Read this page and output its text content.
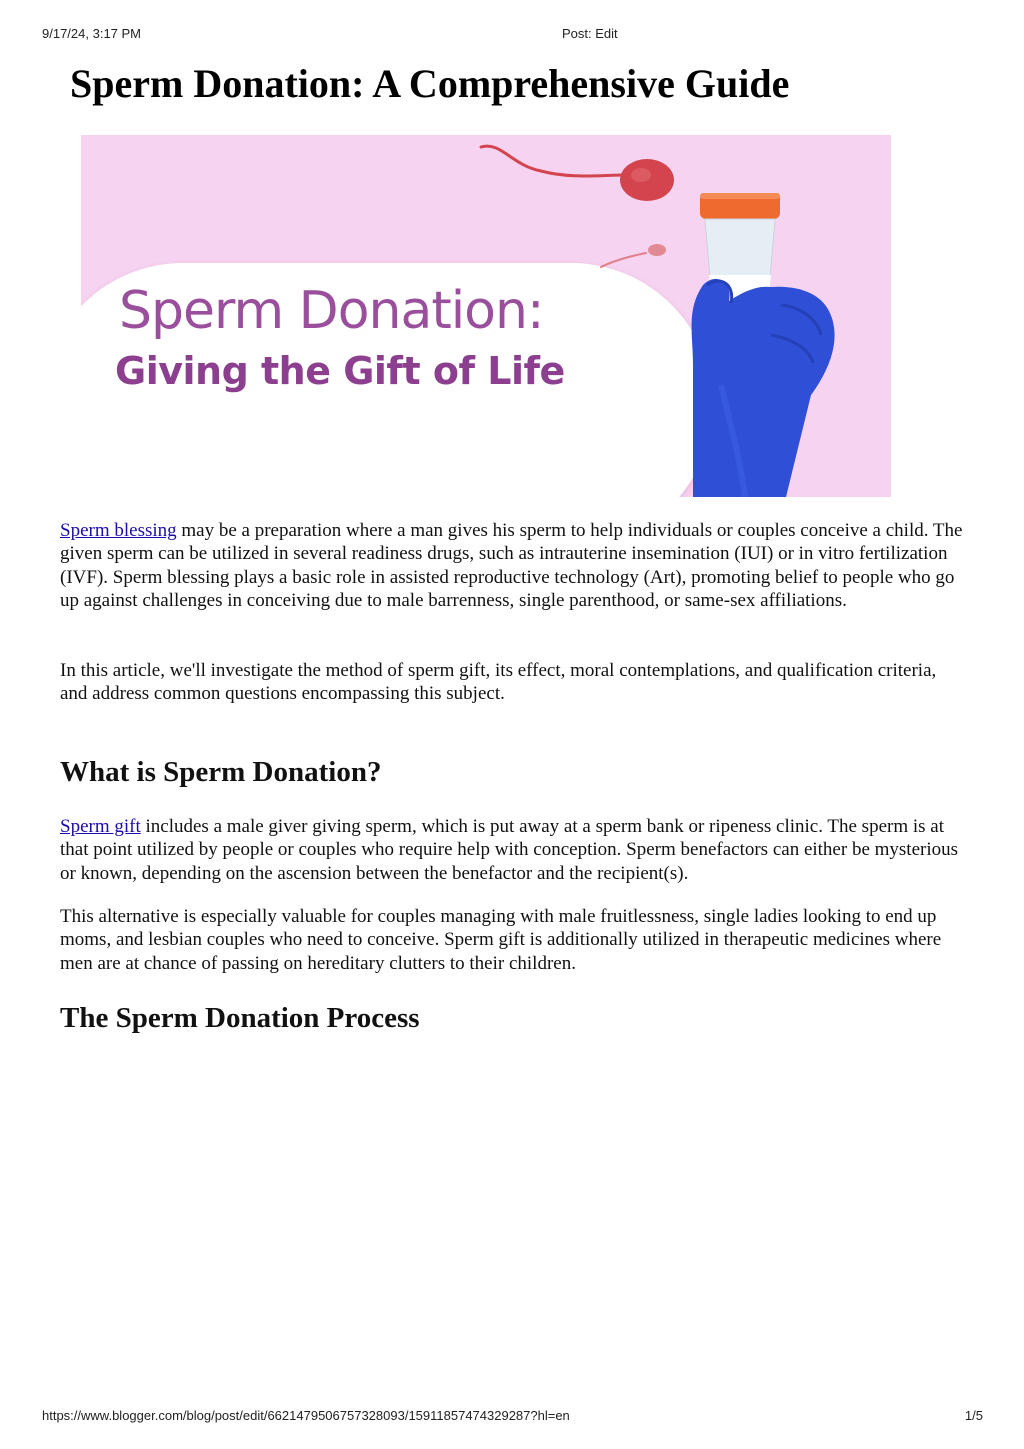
9/17/24, 3:17 PM	Post: Edit
Sperm Donation: A Comprehensive Guide
Sperm Donation:
Giving the Gift of Life

Sperm blessing may be a preparation where a man gives his sperm to help individuals or couples conceive a child. The given sperm can be utilized in several readiness drugs, such as intrauterine insemination (IUI) or in vitro fertilization (IVF). Sperm blessing plays a basic role in assisted reproductive technology (Art), promoting belief to people who go up against challenges in conceiving due to male barrenness, single parenthood, or same-sex affiliations.

In this article, we'll investigate the method of sperm gift, its effect, moral contemplations, and qualification criteria, and address common questions encompassing this subject.

What is Sperm Donation?

Sperm gift includes a male giver giving sperm, which is put away at a sperm bank or ripeness clinic. The sperm is at that point utilized by people or couples who require help with conception. Sperm benefactors can either be mysterious or known, depending on the ascension between the benefactor and the recipient(s).

This alternative is especially valuable for couples managing with male fruitlessness, single ladies looking to end up moms, and lesbian couples who need to conceive. Sperm gift is additionally utilized in therapeutic medicines where men are at chance of passing on hereditary clutters to their children.

The Sperm Donation Process
https://www.blogger.com/blog/post/edit/6621479506757328093/1591185747432928​7?hl=en	1/5
